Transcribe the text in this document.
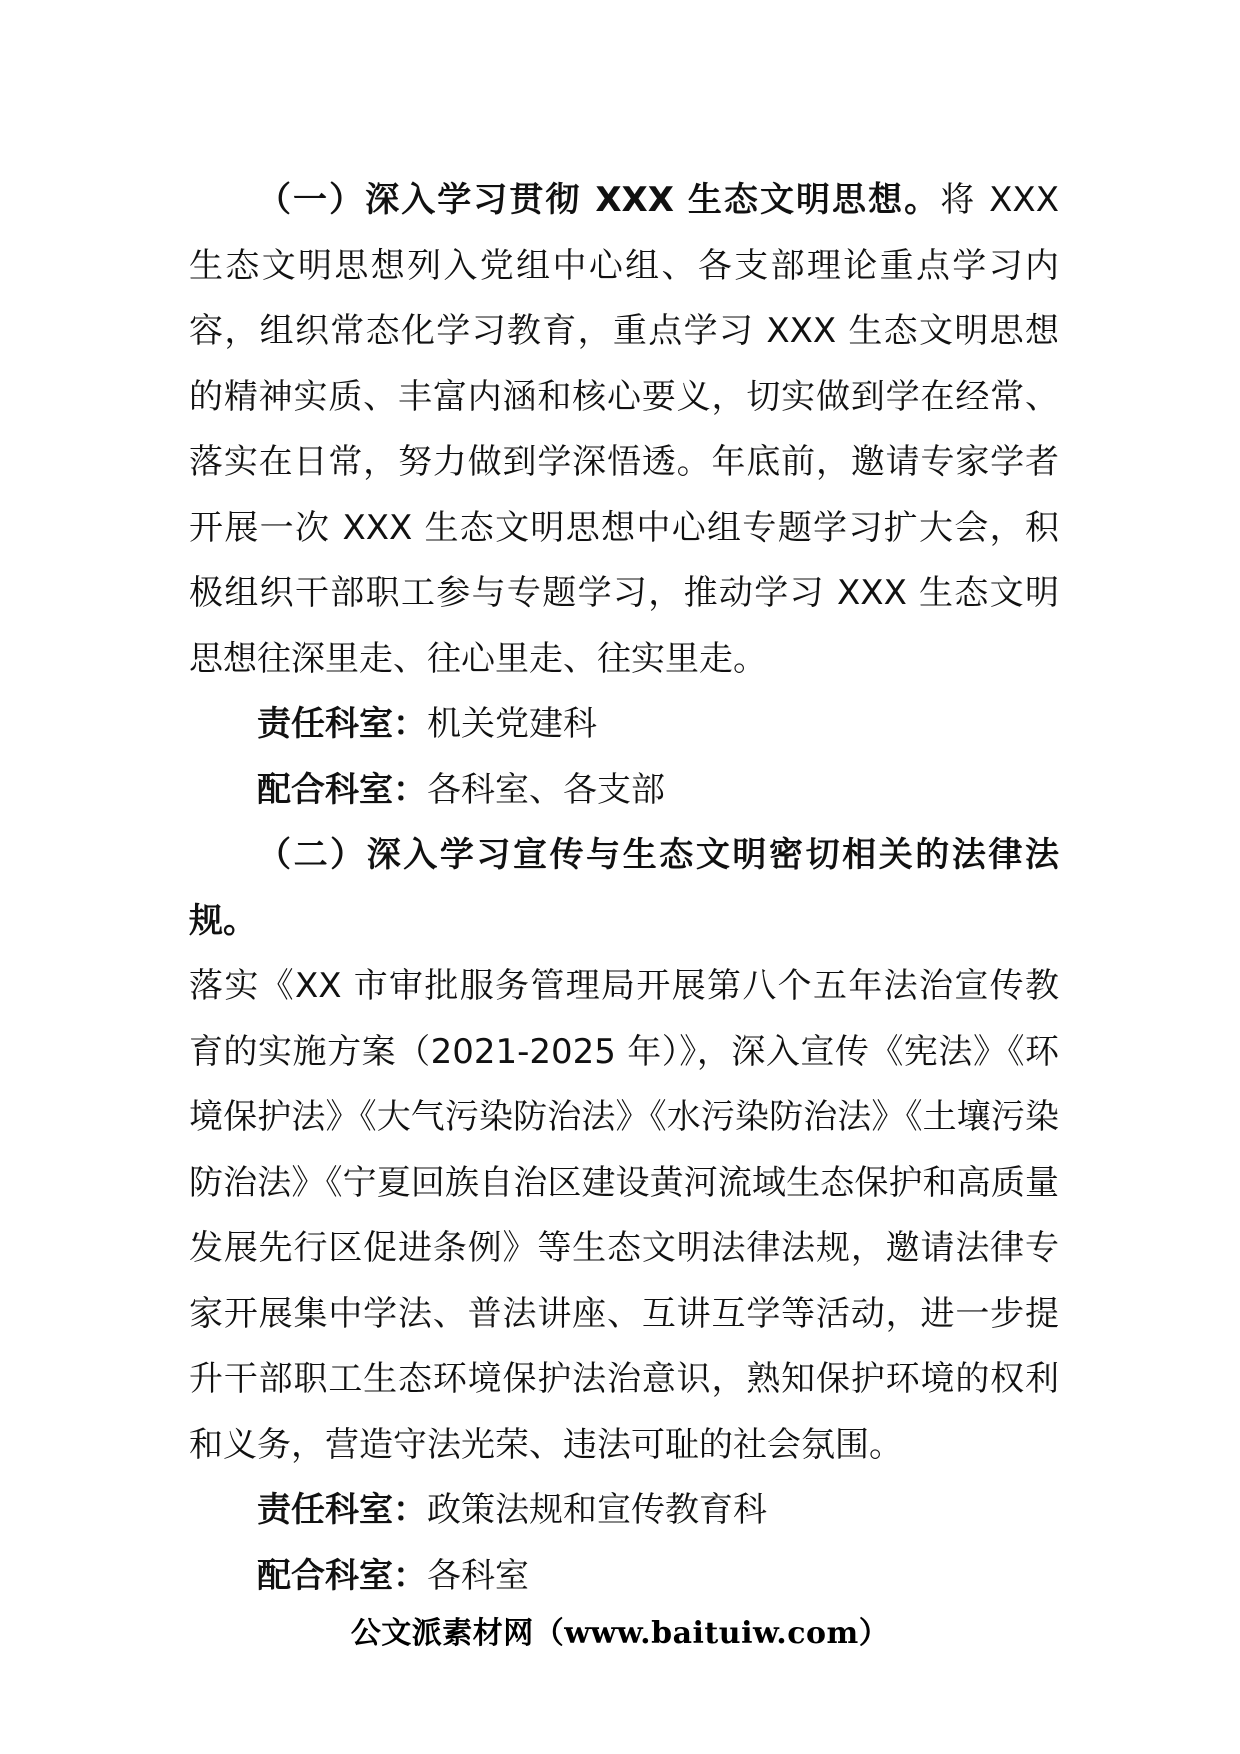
（一）深入学习贯彻 XXX 生态文明思想。将 XXX 生态文明思想列入党组中心组、各支部理论重点学习内容，组织常态化学习教育，重点学习 XXX 生态文明思想的精神实质、丰富内涵和核心要义，切实做到学在经常、落实在日常，努力做到学深悟透。年底前，邀请专家学者开展一次 XXX 生态文明思想中心组专题学习扩大会，积极组织干部职工参与专题学习，推动学习 XXX 生态文明思想往深里走、往心里走、往实里走。

责任科室：机关党建科

配合科室：各科室、各支部

（二）深入学习宣传与生态文明密切相关的法律法规。

落实《XX 市审批服务管理局开展第八个五年法治宣传教育的实施方案（2021-2025 年）》，深入宣传《宪法》《环境保护法》《大气污染防治法》《水污染防治法》《土壤污染防治法》《宁夏回族自治区建设黄河流域生态保护和高质量发展先行区促进条例》等生态文明法律法规，邀请法律专家开展集中学法、普法讲座、互讲互学等活动，进一步提升干部职工生态环境保护法治意识，熟知保护环境的权利和义务，营造守法光荣、违法可耻的社会氛围。

责任科室：政策法规和宣传教育科

配合科室：各科室

公文派素材网（www.baituiw.com）
